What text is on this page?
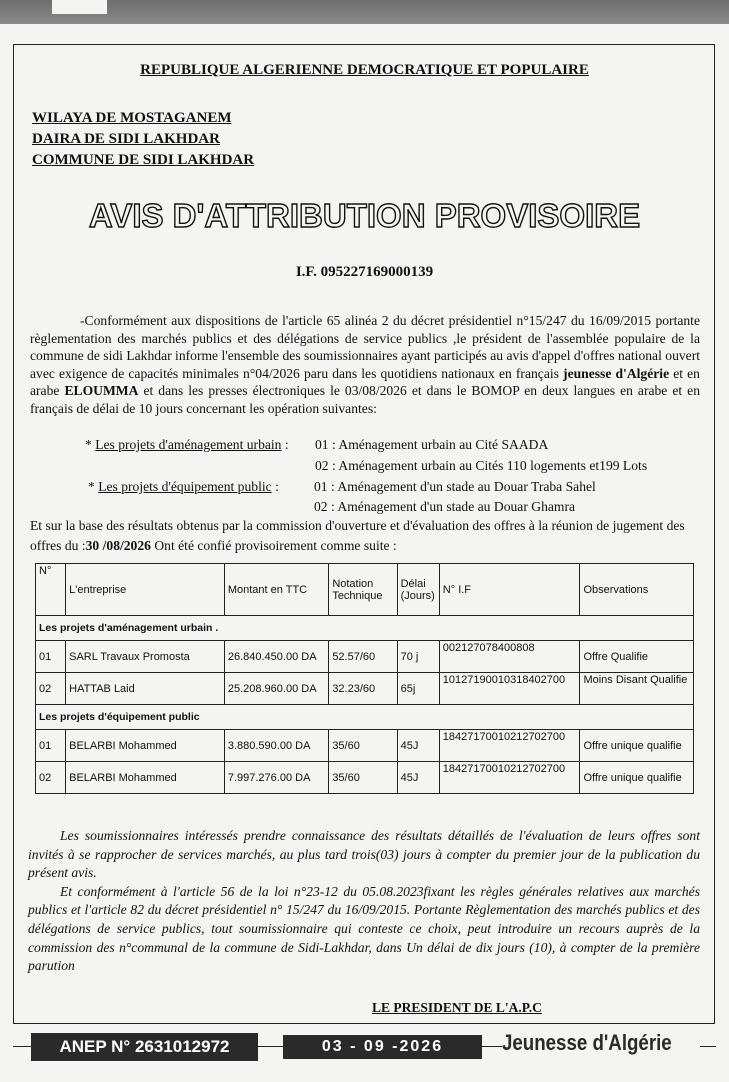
REPUBLIQUE ALGERIENNE DEMOCRATIQUE ET POPULAIRE
WILAYA DE MOSTAGANEM
DAIRA DE SIDI LAKHDAR
COMMUNE DE SIDI LAKHDAR
AVIS D'ATTRIBUTION PROVISOIRE
I.F. 095227169000139

-Conformément aux dispositions de l'article 65 alinéa 2 du décret présidentiel n°15/247 du 16/09/2015 portante règlementation des marchés publics et des délégations de service publics ,le président de l'assemblée populaire de la commune de sidi Lakhdar informe l'ensemble des soumissionnaires ayant participés au avis d'appel d'offres national ouvert avec exigence de capacités minimales n°04/2026 paru dans les quotidiens nationaux en français jeunesse d'Algérie et en arabe ELOUMMA et dans les presses électroniques le 03/08/2026 et dans le BOMOP en deux langues en arabe et en français de délai de 10 jours concernant les opération suivantes:

* Les projets d'aménagement urbain : 01 : Aménagement urbain au Cité SAADA
02 : Aménagement urbain au Cités 110 logements et199 Lots
* Les projets d'équipement public :	01 : Aménagement d'un stade au Douar Traba Sahel
02 : Aménagement d'un stade au Douar Ghamra
Et sur la base des résultats obtenus par la commission d'ouverture et d'évaluation des offres à la réunion de jugement des offres du :30 /08/2026 Ont été confié provisoirement comme suite :
N°	L'entreprise	Montant en TTC	Notation Technique	Délai (Jours)	N° I.F	Observations
Les projets d'aménagement urbain .						
01	SARL Travaux Promosta	26.840.450.00 DA	52.57/60	70 j	002127078400808	Offre Qualifie
02	HATTAB Laid	25.208.960.00 DA	32.23/60	65j	10127190010318402700	Moins Disant Qualifie
Les projets d'équipement public						
01	BELARBI Mohammed	3.880.590.00 DA	35/60	45J	18427170010212702700	Offre unique qualifie
02	BELARBI Mohammed	7.997.276.00 DA	35/60	45J	18427170010212702700	Offre unique qualifie

Les soumissionnaires intéressés prendre connaissance des résultats détaillés de l'évaluation de leurs offres sont invités à se rapprocher de services marchés, au plus tard trois(03) jours à compter du premier jour de la publication du présent avis.

Et conformément à l'article 56 de la loi n°23-12 du 05.08.2023fixant les règles générales relatives aux marchés publics et l'article 82 du décret présidentiel n° 15/247 du 16/09/2015. Portante Règlementation des marchés publics et des délégations de service publics, tout soumissionnaire qui conteste ce choix, peut introduire un recours auprès de la commission des n°communal de la commune de Sidi-Lakhdar, dans Un délai de dix jours (10), à compter de la première parution

LE PRESIDENT DE L'A.P.C
ANEP N° 2631012972	03 - 09 -2026	Jeunesse d'Algérie
